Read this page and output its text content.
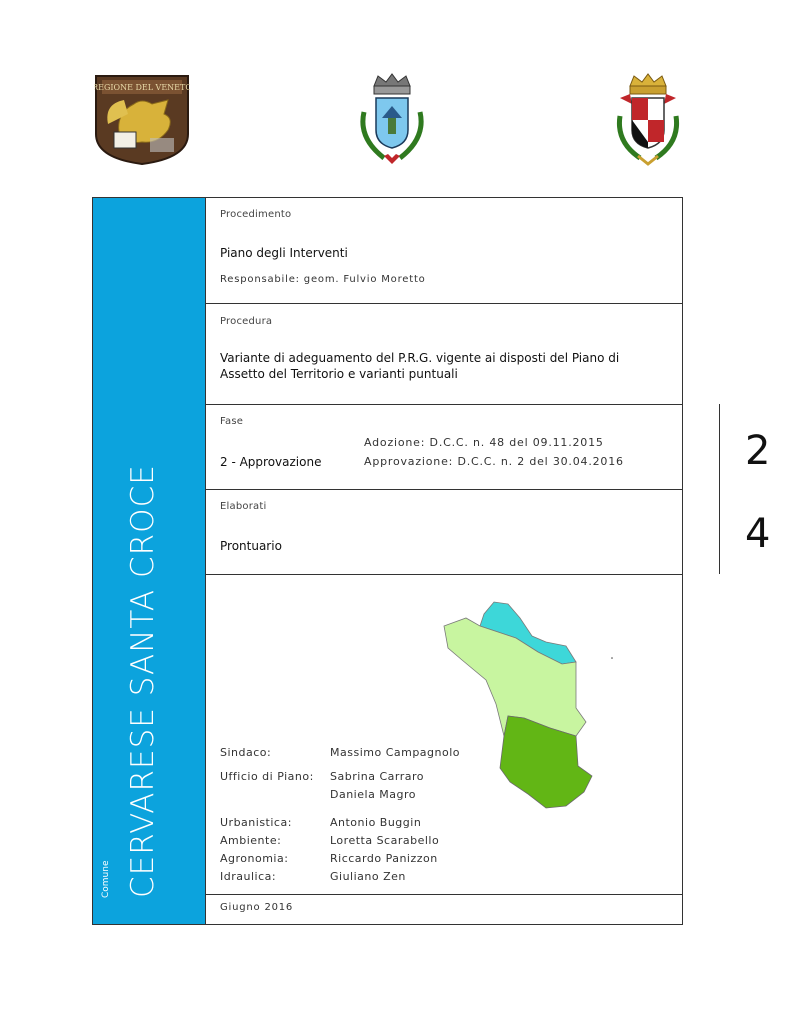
REGIONE DEL VENETO
Comune CERVARESE SANTA CROCE
Procedimento
Piano degli Interventi
Responsabile: geom. Fulvio Moretto
Procedura
Variante di adeguamento del P.R.G. vigente ai disposti del Piano di
Assetto del Territorio e varianti puntuali
Fase
2 - Approvazione
Adozione: D.C.C. n. 48 del 09.11.2015
Approvazione: D.C.C. n. 2 del 30.04.2016	2
Elaborati
Prontuario	4
Sindaco:	Massimo Campagnolo
Ufficio di Piano: Sabrina Carraro
Daniela Magro
Urbanistica:	Antonio Buggin
Ambiente:	Loretta Scarabello
Agronomia:	Riccardo Panizzon
Idraulica:	Giuliano Zen
Giugno 2016
